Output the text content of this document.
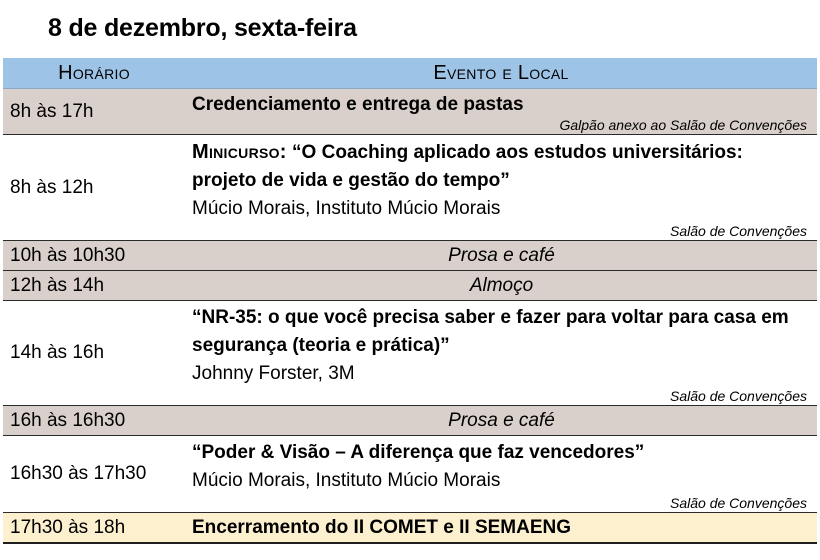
8 de dezembro, sexta-feira
Horário	Evento e Local
8h às 17h	Credenciamento e entrega de pastas
Galpão anexo ao Salão de Convenções

8h às 12h	Minicurso: “O Coaching aplicado aos estudos universitários: projeto de vida e gestão do tempo”
Múcio Morais, Instituto Múcio Morais
Salão de Convenções

10h às 10h30	Prosa e café
12h às 14h	Almoço
14h às 16h	“NR-35: o que você precisa saber e fazer para voltar para casa em segurança (teoria e prática)”
Johnny Forster, 3M
Salão de Convenções

16h às 16h30	Prosa e café
16h30 às 17h30	“Poder & Visão – A diferença que faz vencedores”
Múcio Morais, Instituto Múcio Morais
Salão de Convenções

17h30 às 18h	Encerramento do II COMET e II SEMAENG
